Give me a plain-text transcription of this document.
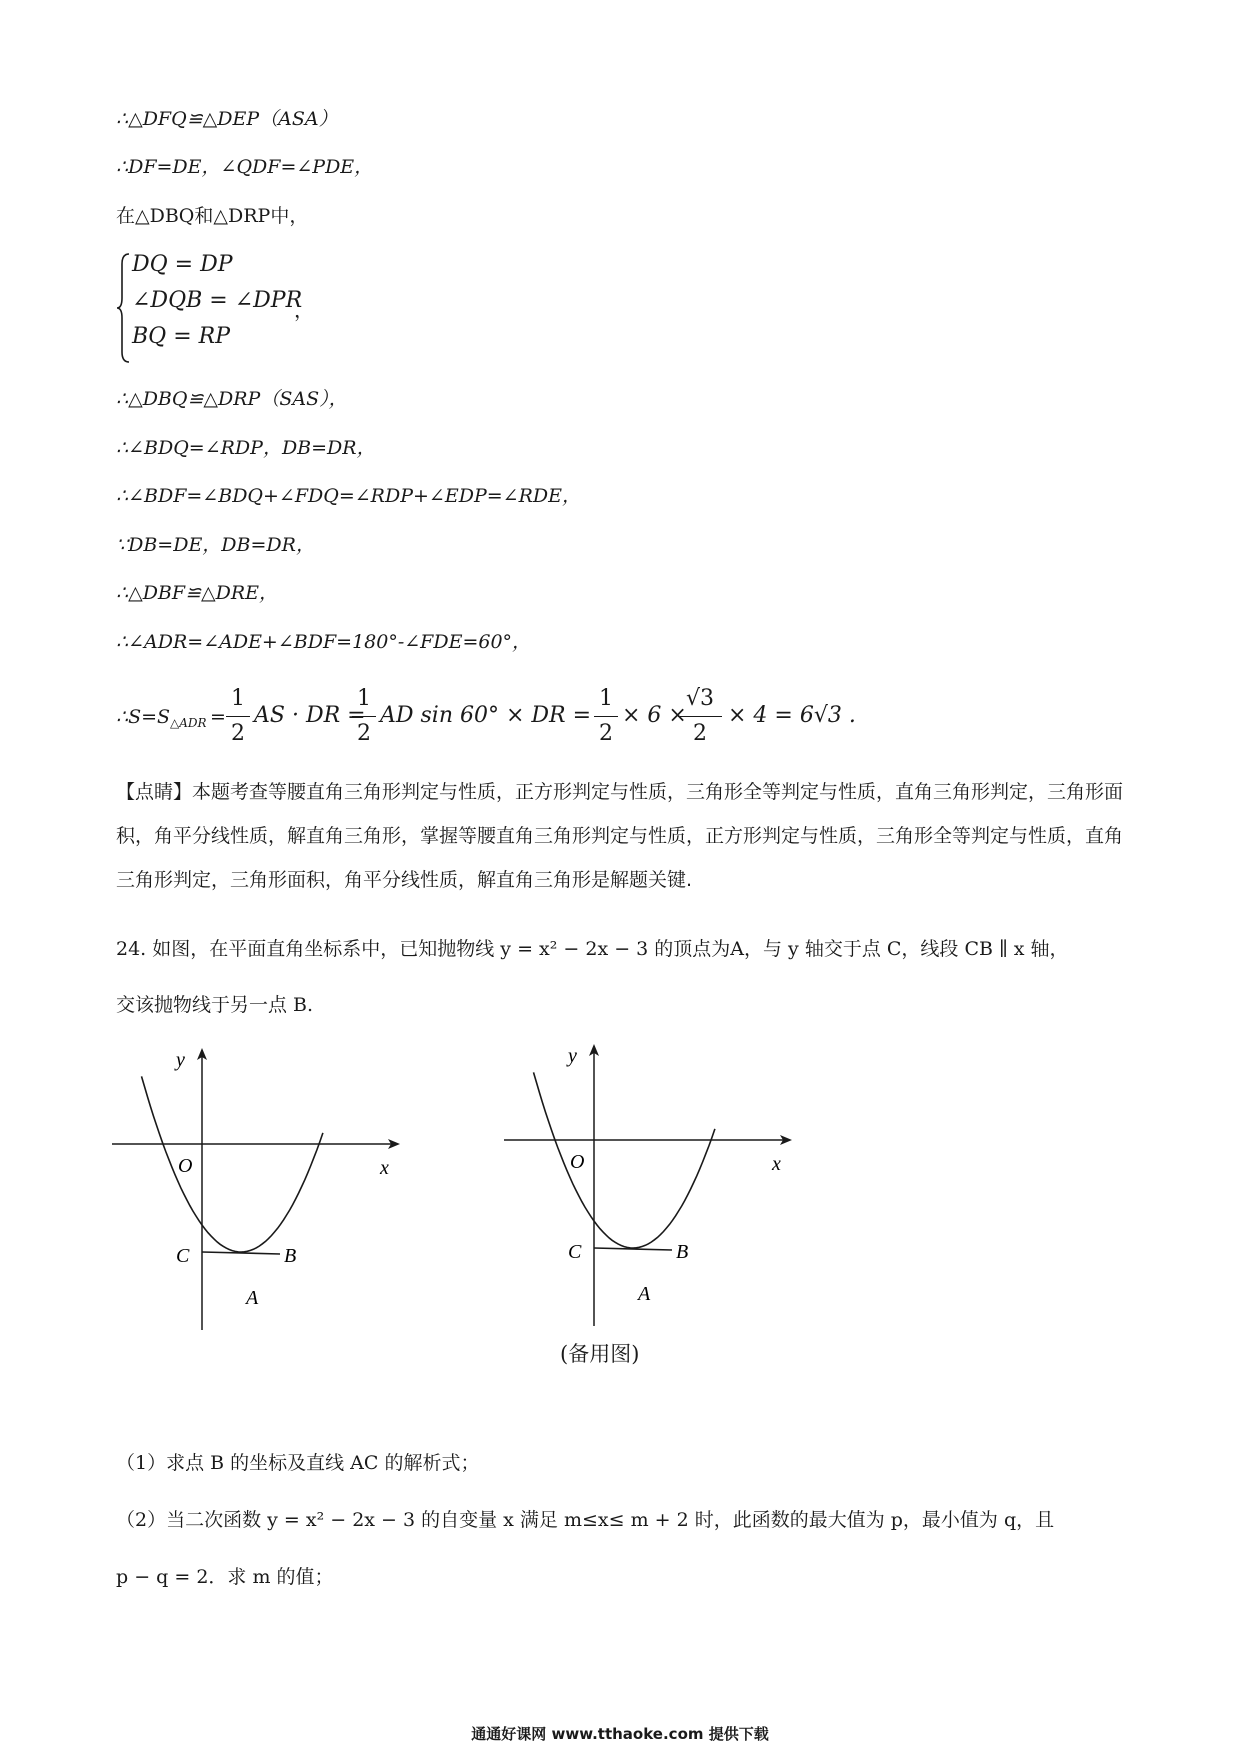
∴△DFQ≌△DEP（ASA）
∴DF=DE，∠QDF=∠PDE，
在△DBQ和△DRP中，
DQ = DP
∠DQB = ∠DPR
BQ = RP
，
∴△DBQ≌△DRP（SAS），
∴∠BDQ=∠RDP，DB=DR，
∴∠BDF=∠BDQ+∠FDQ=∠RDP+∠EDP=∠RDE，
∵DB=DE，DB=DR，
∴△DBF≌△DRE，
∴∠ADR=∠ADE+∠BDF=180°-∠FDE=60°，
∴S=S △ADR =
1
2
AS · DR =
1
2
AD sin 60° × DR =
1
2
× 6 ×
√3
2
× 4 = 6√3 .
【点睛】本题考查等腰直角三角形判定与性质，正方形判定与性质，三角形全等判定与性质，直角三角形判定，三角形面积，角平分线性质，解直角三角形，掌握等腰直角三角形判定与性质，正方形判定与性质，三角形全等判定与性质，直角三角形判定，三角形面积，角平分线性质，解直角三角形是解题关键.
24. 如图，在平面直角坐标系中，已知抛物线 y = x² − 2x − 3 的顶点为A，与 y 轴交于点 C，线段 CB ∥ x 轴，
交该抛物线于另一点 B.
y
x
O
C	B
A
y
x
O
C	B
A
(备用图)
（1）求点 B 的坐标及直线 AC 的解析式；
（2）当二次函数 y = x² − 2x − 3 的自变量 x 满足 m≤x≤ m + 2 时，此函数的最大值为 p，最小值为 q，且
p − q = 2．求 m 的值；
通通好课网 www.tthaoke.com 提供下载
